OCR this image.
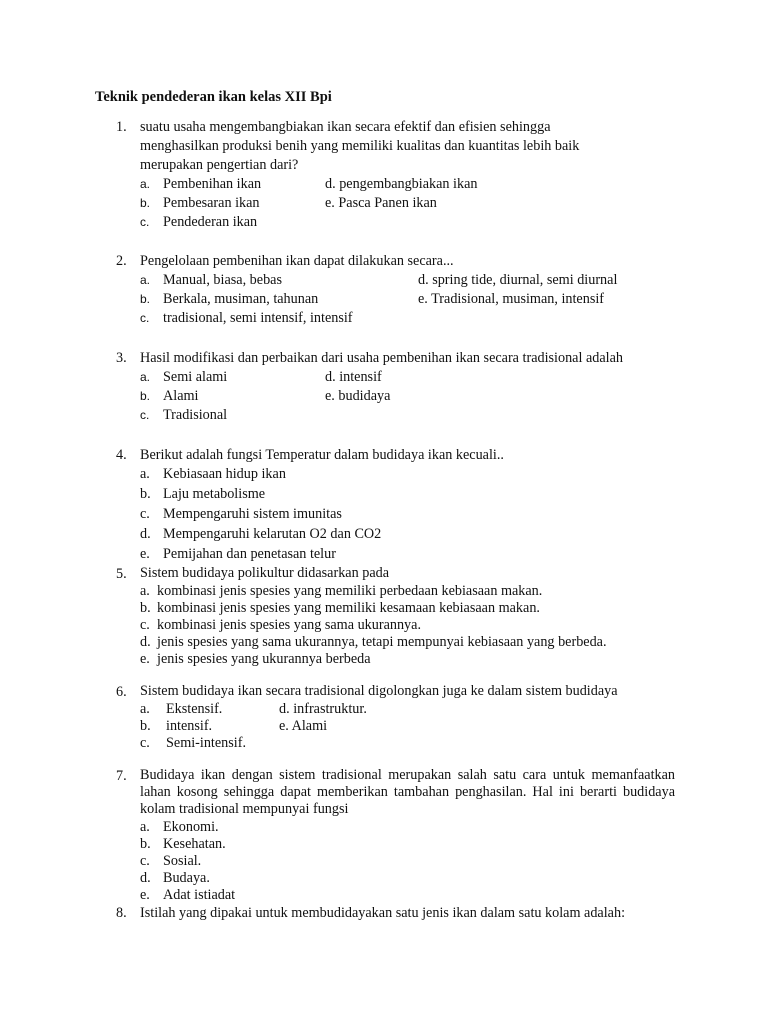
Teknik pendederan ikan kelas XII Bpi
1. suatu usaha mengembangbiakan ikan secara efektif dan efisien sehingga menghasilkan produksi benih yang memiliki kualitas dan kuantitas lebih baik merupakan pengertian dari?
a. Pembenihan ikan	d. pengembangbiakan ikan
b. Pembesaran ikan	e. Pasca Panen ikan
c. Pendederan ikan
2. Pengelolaan pembenihan ikan dapat dilakukan secara...
a. Manual, biasa, bebas	d. spring tide, diurnal, semi diurnal
b. Berkala, musiman, tahunan	e. Tradisional, musiman, intensif
c. tradisional, semi intensif, intensif
3. Hasil modifikasi dan perbaikan dari usaha pembenihan ikan secara tradisional adalah
a. Semi alami	d. intensif
b. Alami	e. budidaya
c. Tradisional
4. Berikut adalah fungsi Temperatur dalam budidaya ikan kecuali..
a. Kebiasaan hidup ikan
b. Laju metabolisme
c. Mempengaruhi sistem imunitas
d. Mempengaruhi kelarutan O2 dan CO2
e. Pemijahan dan penetasan telur
5. Sistem budidaya polikultur didasarkan pada
a. kombinasi jenis spesies yang memiliki perbedaan kebiasaan makan.
b. kombinasi jenis spesies yang memiliki kesamaan kebiasaan makan.
c. kombinasi jenis spesies yang sama ukurannya.
d. jenis spesies yang sama ukurannya, tetapi mempunyai kebiasaan yang berbeda.
e. jenis spesies yang ukurannya berbeda
6. Sistem budidaya ikan secara tradisional digolongkan juga ke dalam sistem budidaya
a. Ekstensif.	d. infrastruktur.
b. intensif.	e. Alami
c. Semi-intensif.
7. Budidaya ikan dengan sistem tradisional merupakan salah satu cara untuk memanfaatkan lahan kosong sehingga dapat memberikan tambahan penghasilan. Hal ini berarti budidaya kolam tradisional mempunyai fungsi
a. Ekonomi.
b. Kesehatan.
c. Sosial.
d. Budaya.
e. Adat istiadat
8. Istilah yang dipakai untuk membudidayakan satu jenis ikan dalam satu kolam adalah:
